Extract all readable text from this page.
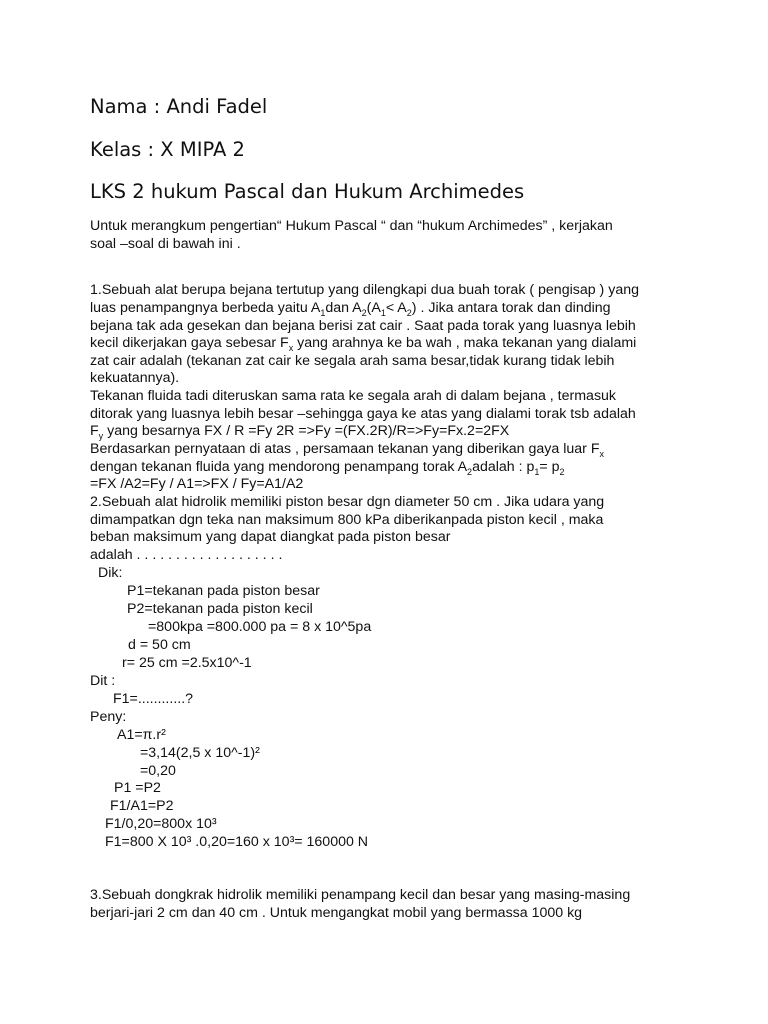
Nama : Andi Fadel
Kelas : X MIPA 2
LKS 2 hukum Pascal dan Hukum Archimedes
Untuk merangkum pengertian“ Hukum Pascal “ dan “hukum Archimedes” , kerjakan
soal –soal di bawah ini .
1.Sebuah alat berupa bejana tertutup yang dilengkapi dua buah torak ( pengisap ) yang
luas penampangnya berbeda yaitu $A_1dan$ $A_2(A_1< A_2)$ . Jika antara torak dan dinding
bejana tak ada gesekan dan bejana berisi zat cair . Saat pada torak yang luasnya lebih
kecil dikerjakan gaya sebesar $F_x$ yang arahnya ke ba wah , maka tekanan yang dialami
zat cair adalah (tekanan zat cair ke segala arah sama besar,tidak kurang tidak lebih
kekuatannya).
Tekanan fluida tadi diteruskan sama rata ke segala arah di dalam bejana , termasuk
ditorak yang luasnya lebih besar –sehingga gaya ke atas yang dialami torak tsb adalah
$F_y$ yang besarnya FX / R =Fy 2R =>Fy =(FX.2R)/R=>Fy=Fx.2=2FX
Berdasarkan pernyataan di atas , persamaan tekanan yang diberikan gaya luar $F_x$
dengan tekanan fluida yang mendorong penampang torak $A_2adalah$ : $p_1= p_2$
=FX /A2=Fy / A1=>FX / Fy=A1/A2
2.Sebuah alat hidrolik memiliki piston besar dgn diameter 50 cm . Jika udara yang
dimampatkan dgn teka nan maksimum 800 kPa diberikanpada piston kecil , maka
beban maksimum yang dapat diangkat pada piston besar
adalah . . . . . . . . . . . . . . . . . . .
Dik:
P1=tekanan pada piston besar
P2=tekanan pada piston kecil
=800kpa =800.000 pa = 8 x 10^5pa
d = 50 cm
r= 25 cm =2.5x10^-1
Dit :
F1=............?
Peny:
A1=π.r²
=3,14(2,5 x 10^-1)²
=0,20
P1 =P2
F1/A1=P2
F1/0,20=800x 10³
F1=800 X 10³ .0,20=160 x 10³= 160000 N
3.Sebuah dongkrak hidrolik memiliki penampang kecil dan besar yang masing-masing
berjari-jari 2 cm dan 40 cm . Untuk mengangkat mobil yang bermassa 1000 kg
